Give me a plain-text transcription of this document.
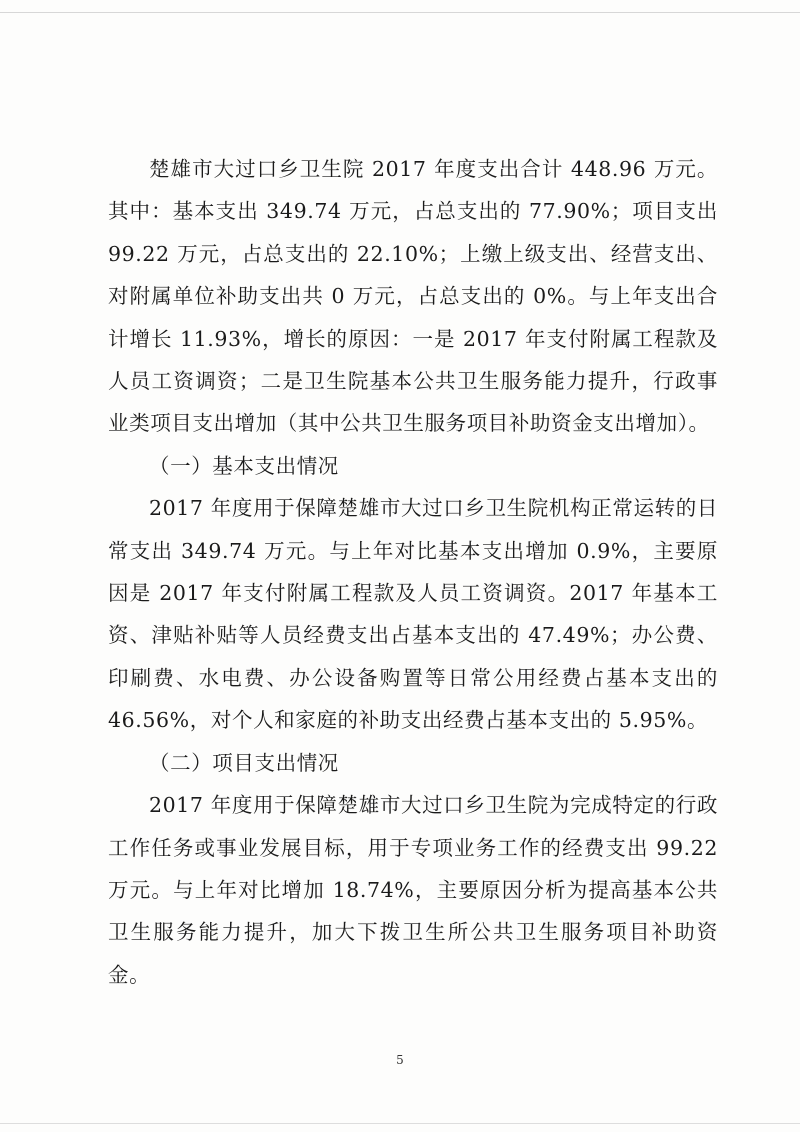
楚雄市大过口乡卫生院 2017 年度支出合计 448.96 万元。其中：基本支出 349.74 万元，占总支出的 77.90%；项目支出 99.22 万元，占总支出的 22.10%；上缴上级支出、经营支出、对附属单位补助支出共 0 万元，占总支出的 0%。与上年支出合计增长 11.93%，增长的原因：一是 2017 年支付附属工程款及人员工资调资；二是卫生院基本公共卫生服务能力提升，行政事业类项目支出增加（其中公共卫生服务项目补助资金支出增加）。

（一）基本支出情况

2017 年度用于保障楚雄市大过口乡卫生院机构正常运转的日常支出 349.74 万元。与上年对比基本支出增加 0.9%，主要原因是 2017 年支付附属工程款及人员工资调资。2017 年基本工资、津贴补贴等人员经费支出占基本支出的 47.49%；办公费、印刷费、水电费、办公设备购置等日常公用经费占基本支出的 46.56%，对个人和家庭的补助支出经费占基本支出的 5.95%。

（二）项目支出情况

2017 年度用于保障楚雄市大过口乡卫生院为完成特定的行政工作任务或事业发展目标，用于专项业务工作的经费支出 99.22 万元。与上年对比增加 18.74%，主要原因分析为提高基本公共卫生服务能力提升，加大下拨卫生所公共卫生服务项目补助资金。

5
